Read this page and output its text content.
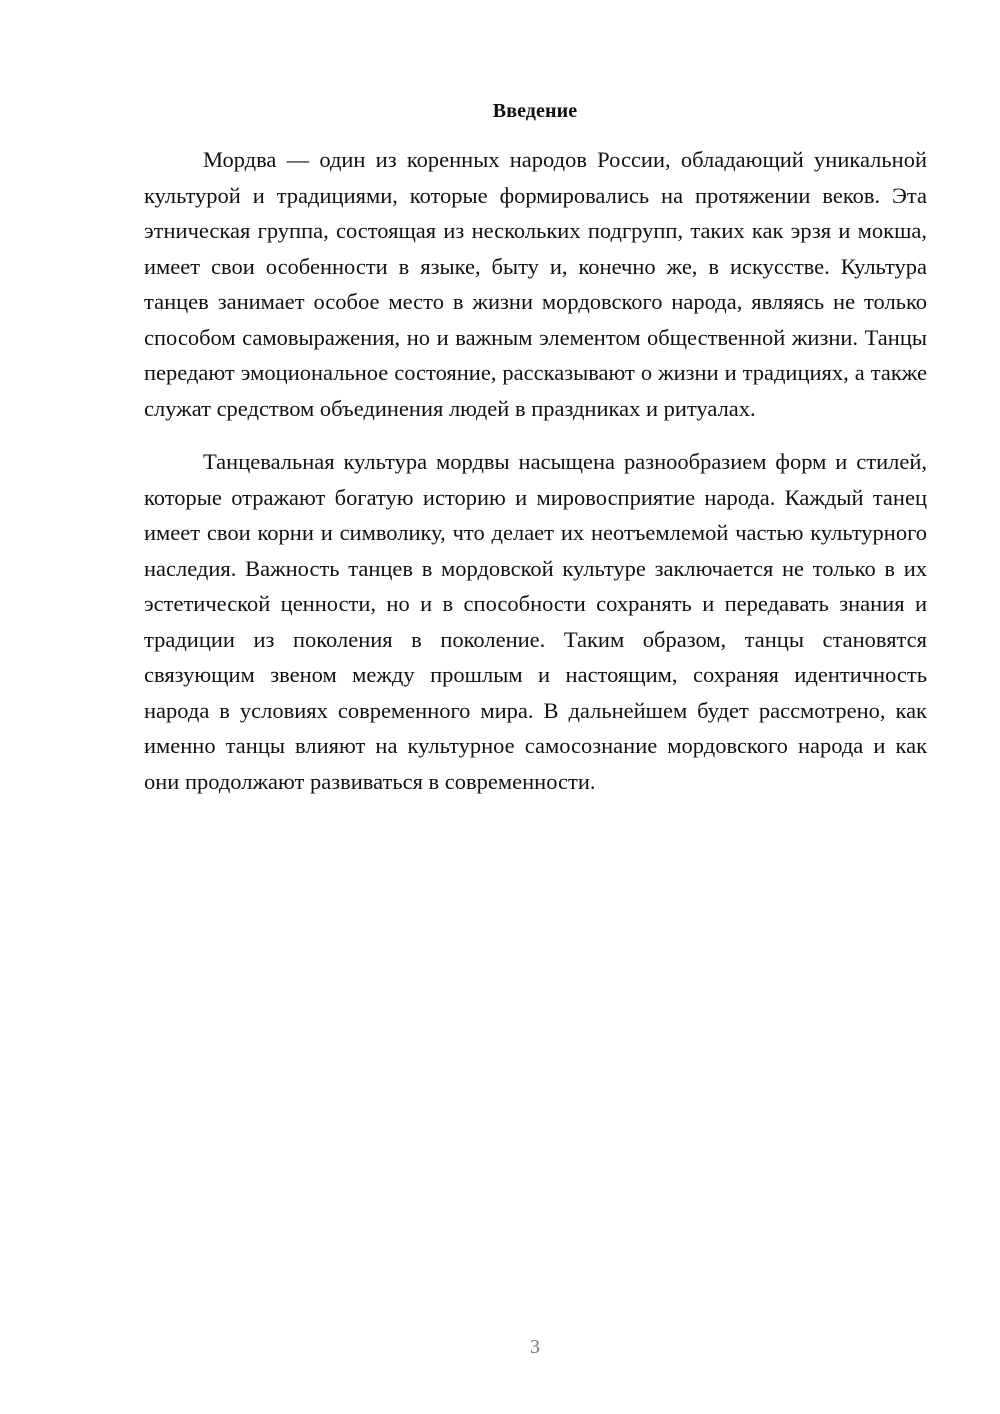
Введение

Мордва — один из коренных народов России, обладающий уникальной культурой и традициями, которые формировались на протяжении веков. Эта этническая группа, состоящая из нескольких подгрупп, таких как эрзя и мокша, имеет свои особенности в языке, быту и, конечно же, в искусстве. Культура танцев занимает особое место в жизни мордовского народа, являясь не только способом самовыражения, но и важным элементом общественной жизни. Танцы передают эмоциональное состояние, рассказывают о жизни и традициях, а также служат средством объединения людей в праздниках и ритуалах.

Танцевальная культура мордвы насыщена разнообразием форм и стилей, которые отражают богатую историю и мировосприятие народа. Каждый танец имеет свои корни и символику, что делает их неотъемлемой частью культурного наследия. Важность танцев в мордовской культуре заключается не только в их эстетической ценности, но и в способности сохранять и передавать знания и традиции из поколения в поколение. Таким образом, танцы становятся связующим звеном между прошлым и настоящим, сохраняя идентичность народа в условиях современного мира. В дальнейшем будет рассмотрено, как именно танцы влияют на культурное самосознание мордовского народа и как они продолжают развиваться в современности.

3
